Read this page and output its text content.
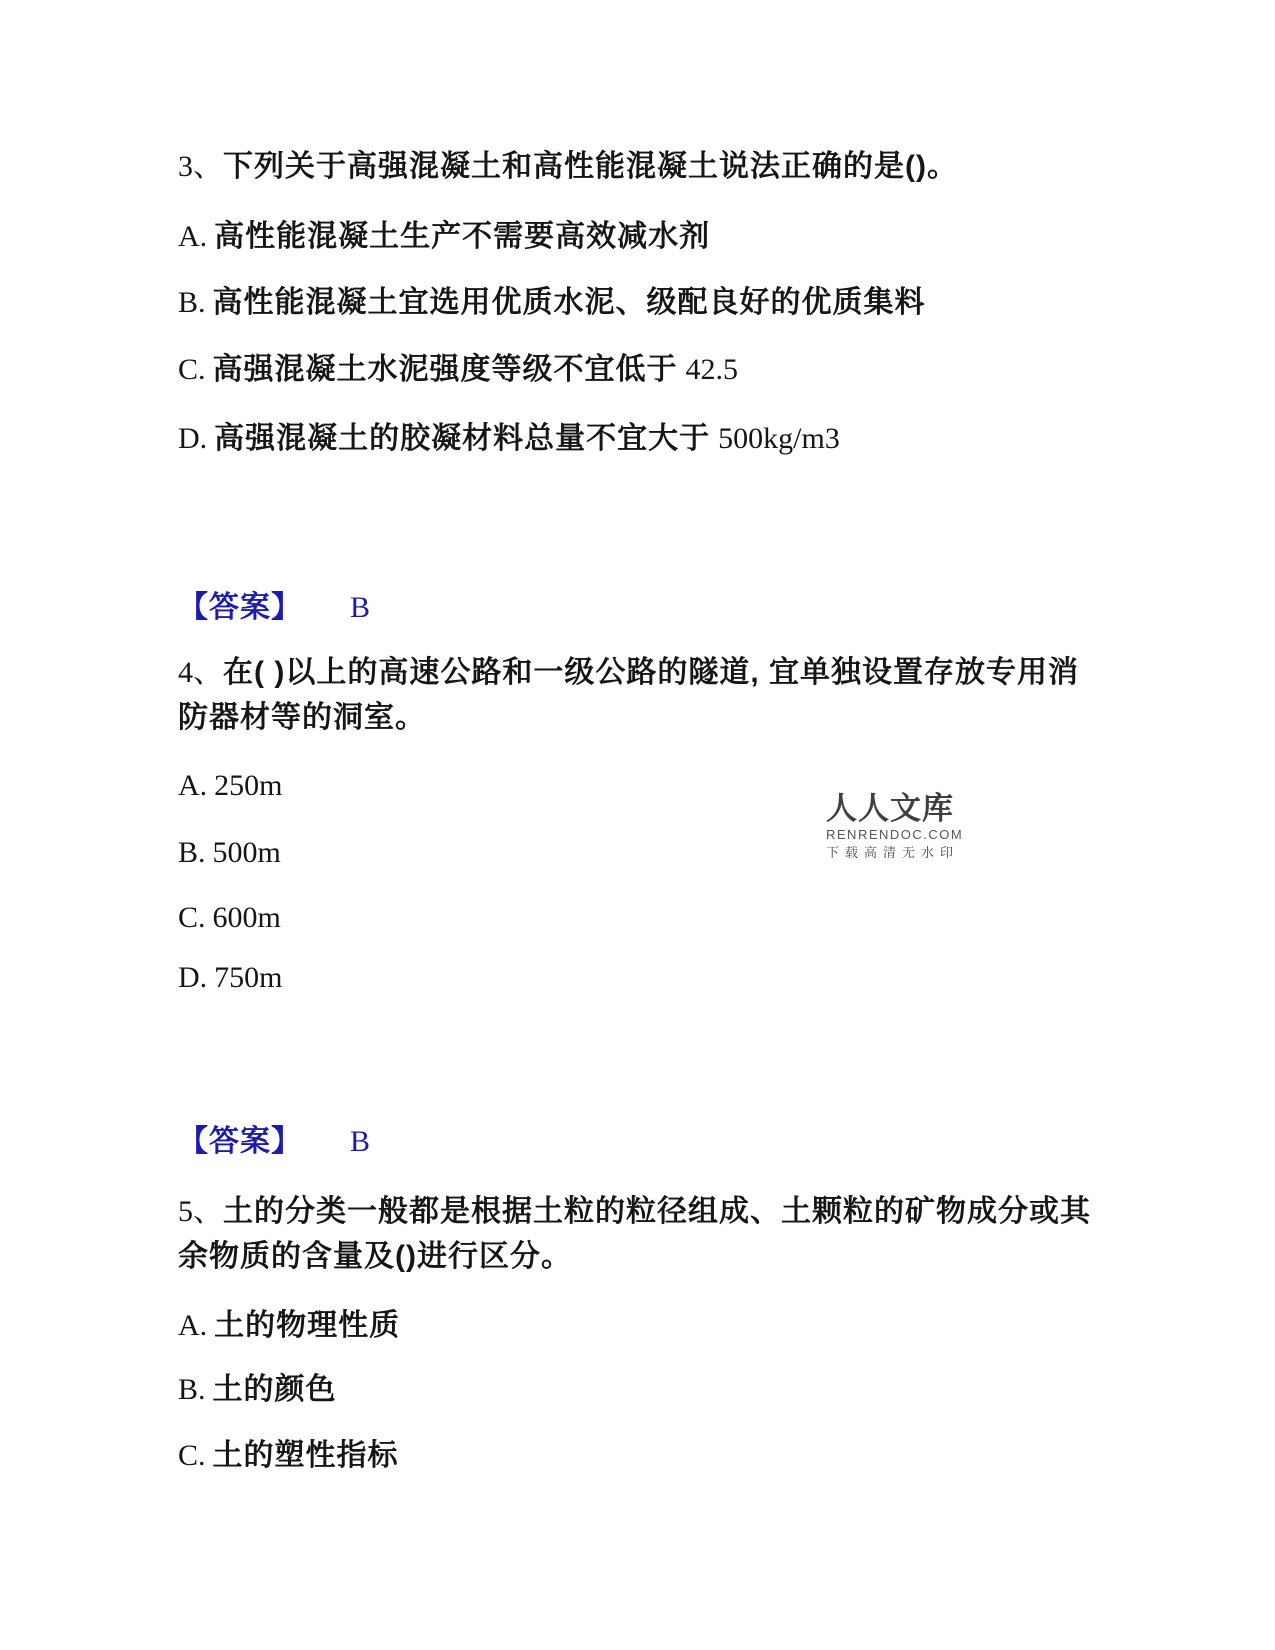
3、下列关于高强混凝土和高性能混凝土说法正确的是()。
A. 高性能混凝土生产不需要高效减水剂
B. 高性能混凝土宜选用优质水泥、级配良好的优质集料
C. 高强混凝土水泥强度等级不宜低于 42.5
D. 高强混凝土的胶凝材料总量不宜大于 500kg/m3
【答案】 B
4、在( )以上的高速公路和一级公路的隧道, 宜单独设置存放专用消防器材等的洞室。
A. 250m
B. 500m
C. 600m
D. 750m
【答案】 B
5、土的分类一般都是根据土粒的粒径组成、土颗粒的矿物成分或其余物质的含量及()进行区分。
A. 土的物理性质
B. 土的颜色
C. 土的塑性指标
人人文库
RENRENDOC.COM
下载高清无水印
